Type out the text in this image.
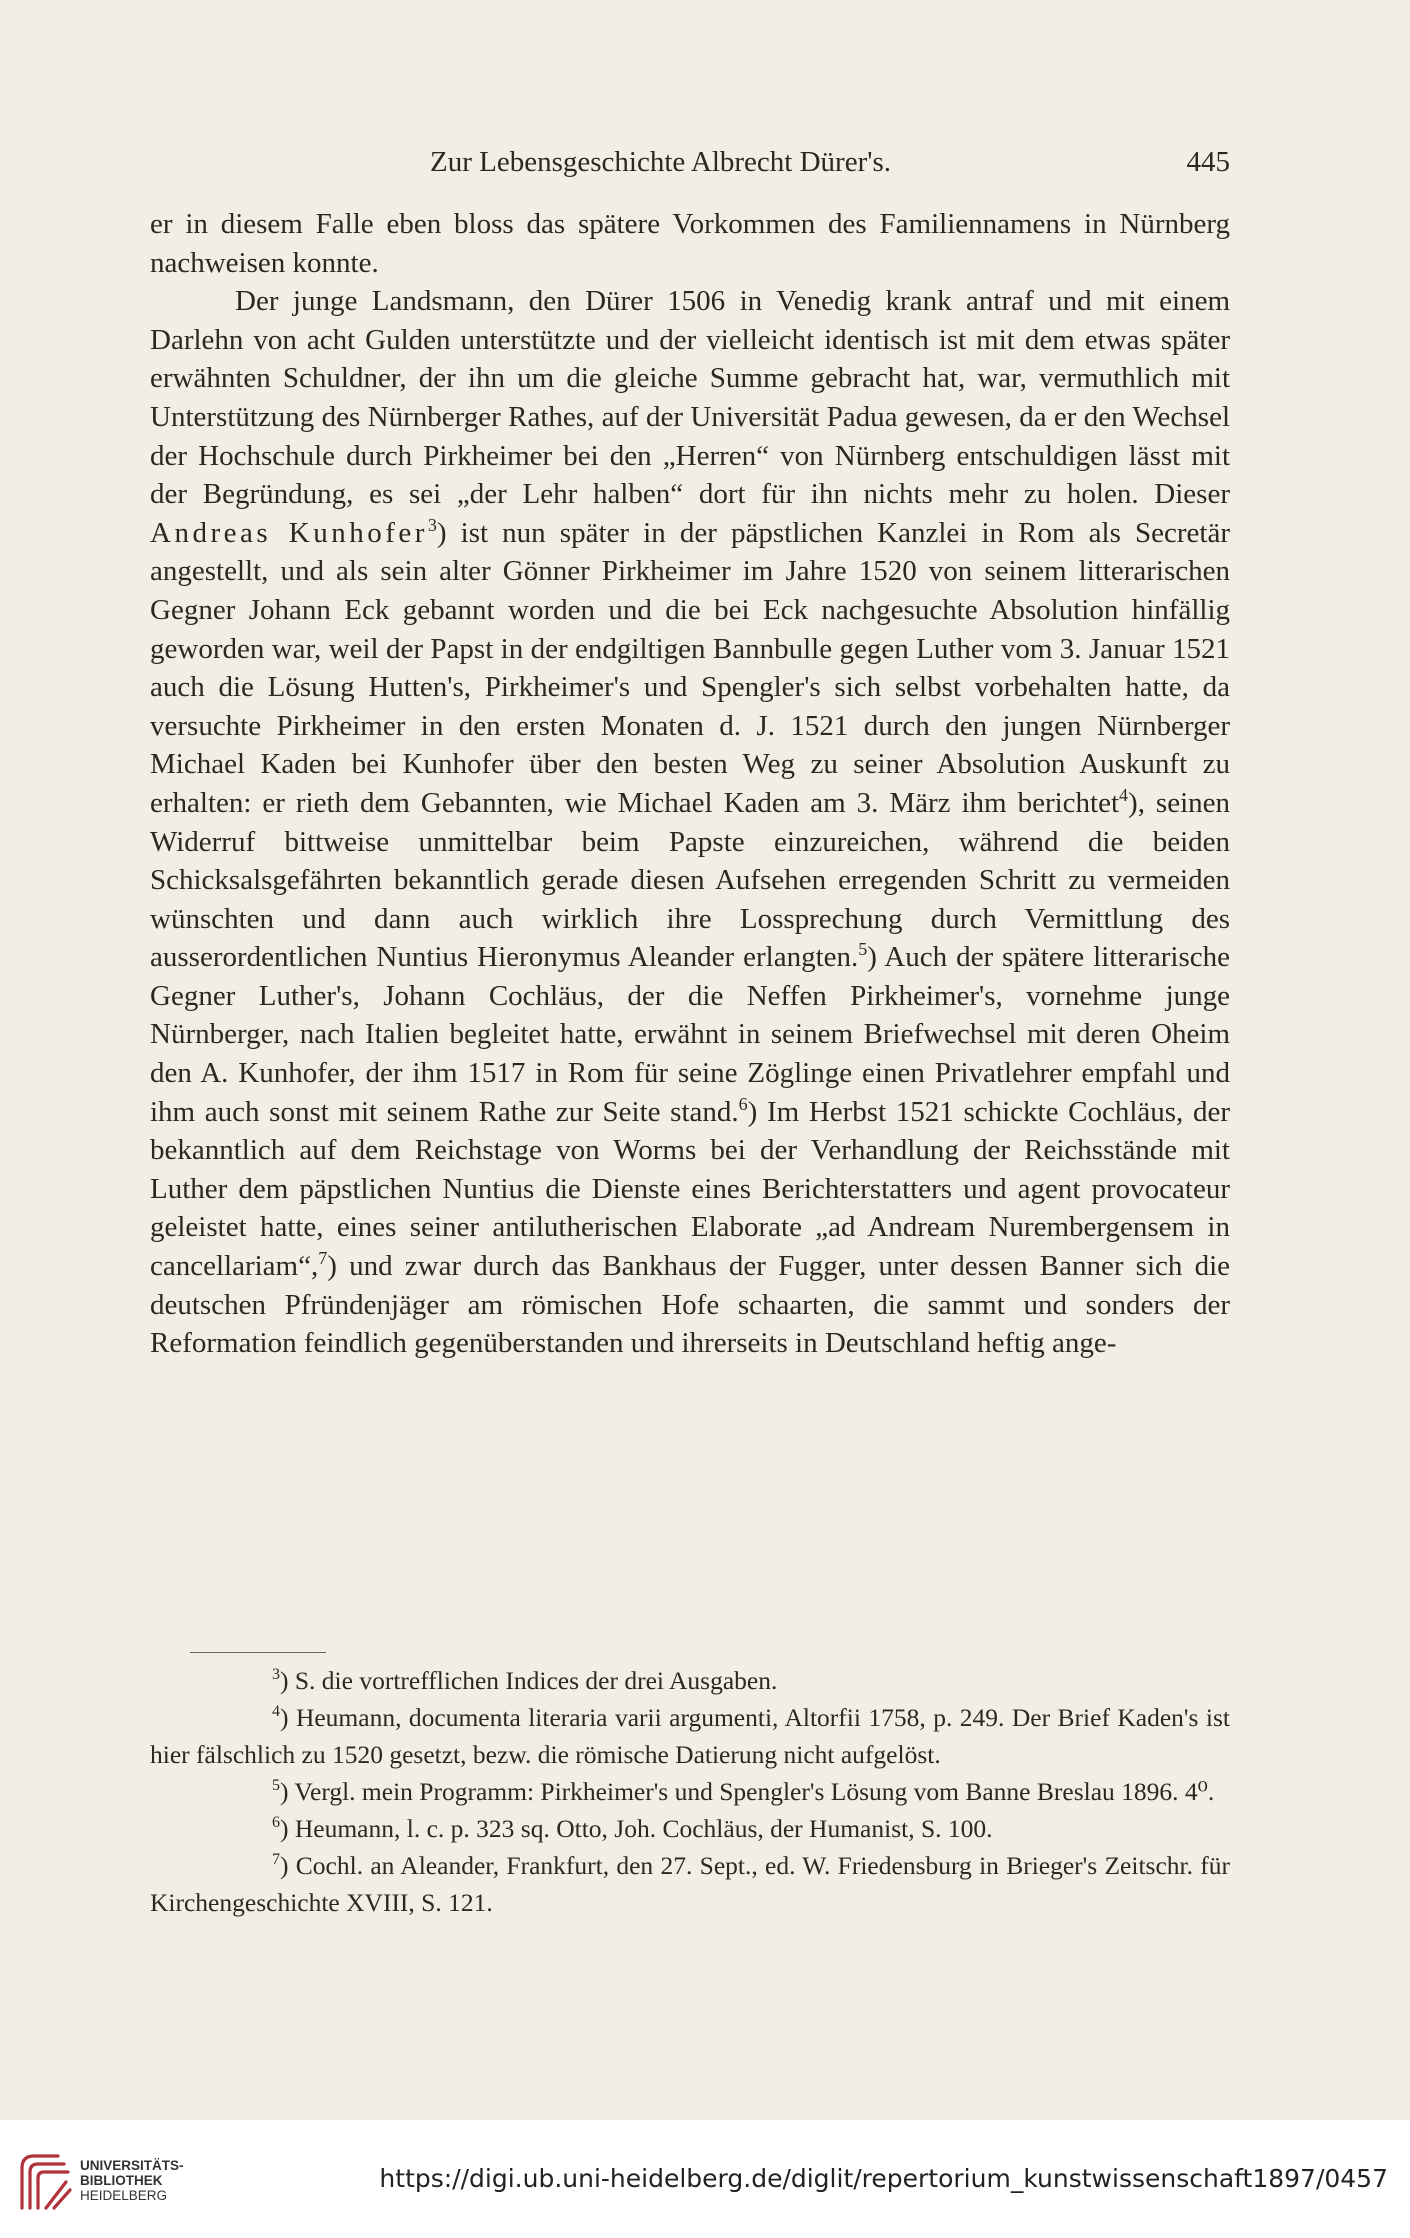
Zur Lebensgeschichte Albrecht Dürer's.	445

er in diesem Falle eben bloss das spätere Vorkommen des Familiennamens in Nürnberg nachweisen konnte.

Der junge Landsmann, den Dürer 1506 in Venedig krank antraf und mit einem Darlehn von acht Gulden unterstützte und der vielleicht identisch ist mit dem etwas später erwähnten Schuldner, der ihn um die gleiche Summe gebracht hat, war, vermuthlich mit Unterstützung des Nürnberger Rathes, auf der Universität Padua gewesen, da er den Wechsel der Hochschule durch Pirkheimer bei den „Herren“ von Nürnberg entschuldigen lässt mit der Begründung, es sei „der Lehr halben“ dort für ihn nichts mehr zu holen. Dieser Andreas Kunhofer$^3$) ist nun später in der päpstlichen Kanzlei in Rom als Secretär angestellt, und als sein alter Gönner Pirkheimer im Jahre 1520 von seinem litterarischen Gegner Johann Eck gebannt worden und die bei Eck nachgesuchte Absolution hinfällig geworden war, weil der Papst in der endgiltigen Bannbulle gegen Luther vom 3. Januar 1521 auch die Lösung Hutten's, Pirkheimer's und Spengler's sich selbst vorbehalten hatte, da versuchte Pirkheimer in den ersten Monaten d. J. 1521 durch den jungen Nürnberger Michael Kaden bei Kunhofer über den besten Weg zu seiner Absolution Auskunft zu erhalten: er rieth dem Gebannten, wie Michael Kaden am 3. März ihm berichtet$^4$), seinen Widerruf bittweise unmittelbar beim Papste einzureichen, während die beiden Schicksalsgefährten bekanntlich gerade diesen Aufsehen erregenden Schritt zu vermeiden wünschten und dann auch wirklich ihre Lossprechung durch Vermittlung des ausserordentlichen Nuntius Hieronymus Aleander erlangten.$^5$) Auch der spätere litterarische Gegner Luther's, Johann Cochläus, der die Neffen Pirkheimer's, vornehme junge Nürnberger, nach Italien begleitet hatte, erwähnt in seinem Briefwechsel mit deren Oheim den A. Kunhofer, der ihm 1517 in Rom für seine Zöglinge einen Privatlehrer empfahl und ihm auch sonst mit seinem Rathe zur Seite stand.$^6$) Im Herbst 1521 schickte Cochläus, der bekanntlich auf dem Reichstage von Worms bei der Verhandlung der Reichsstände mit Luther dem päpstlichen Nuntius die Dienste eines Berichterstatters und agent provocateur geleistet hatte, eines seiner antilutherischen Elaborate „ad Andream Nurembergensem in cancellariam“,$^7$) und zwar durch das Bankhaus der Fugger, unter dessen Banner sich die deutschen Pfründenjäger am römischen Hofe schaarten, die sammt und sonders der Reformation feindlich gegenüberstanden und ihrerseits in Deutschland heftig ange-

$^3$) S. die vortrefflichen Indices der drei Ausgaben.

$^4$) Heumann, documenta literaria varii argumenti, Altorfii 1758, p. 249. Der Brief Kaden's ist hier fälschlich zu 1520 gesetzt, bezw. die römische Datierung nicht aufgelöst.

$^5$) Vergl. mein Programm: Pirkheimer's und Spengler's Lösung vom Banne Breslau 1896. 4⁰.

$^6$) Heumann, l. c. p. 323 sq. Otto, Joh. Cochläus, der Humanist, S. 100.

$^7$) Cochl. an Aleander, Frankfurt, den 27. Sept., ed. W. Friedensburg in Brieger's Zeitschr. für Kirchengeschichte XVIII, S. 121.

UNIVERSITÄTS-
BIBLIOTHEK
HEIDELBERG
https://digi.ub.uni-heidelberg.de/diglit/repertorium_kunstwissenschaft1897/0457
